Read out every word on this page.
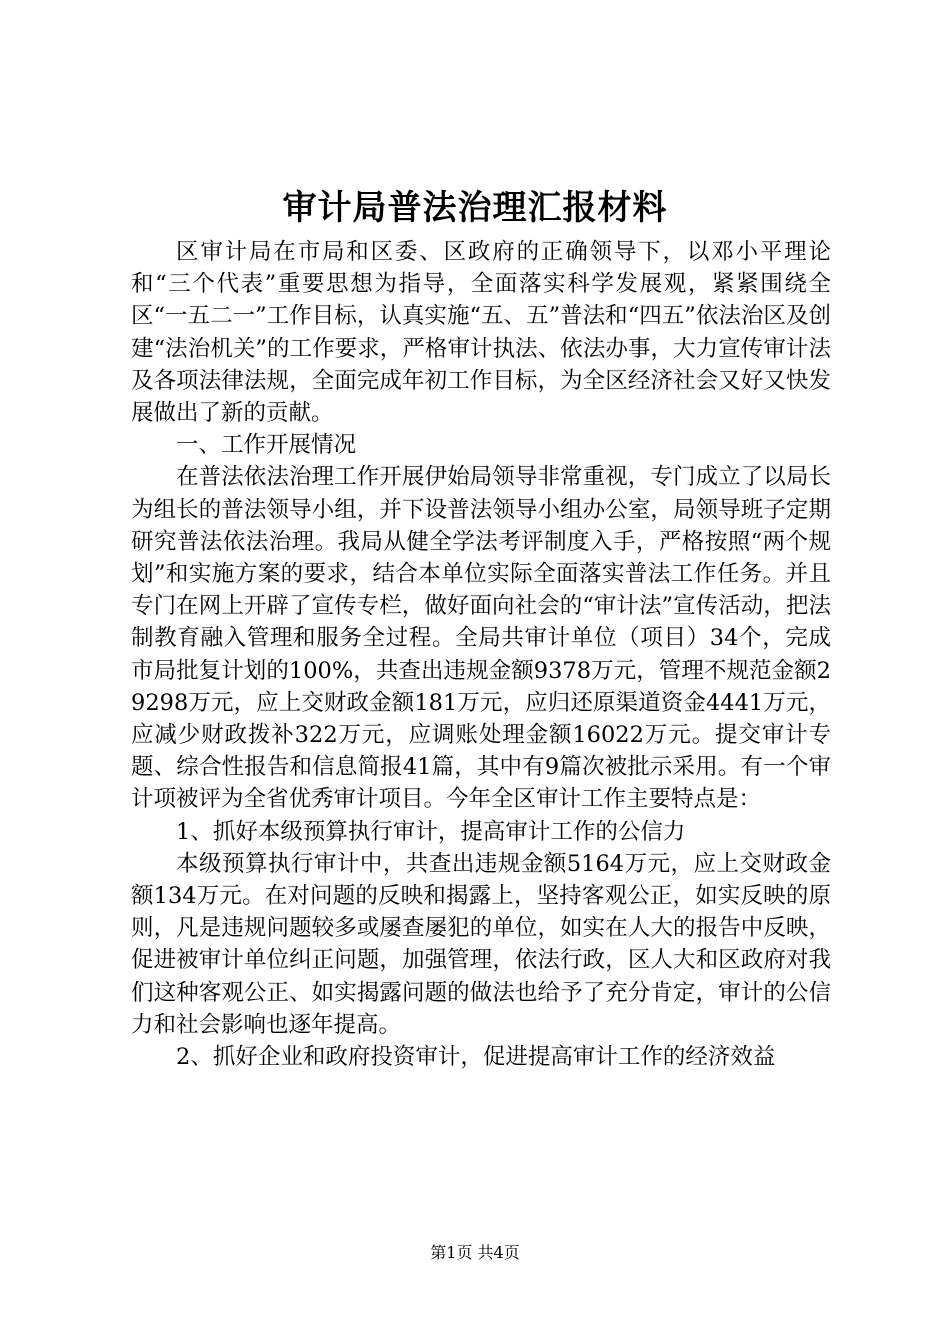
审计局普法治理汇报材料

区审计局在市局和区委、区政府的正确领导下，以邓小平理论和“三个代表”重要思想为指导，全面落实科学发展观，紧紧围绕全区“一五二一”工作目标，认真实施“五、五”普法和“四五”依法治区及创建“法治机关”的工作要求，严格审计执法、依法办事，大力宣传审计法及各项法律法规，全面完成年初工作目标，为全区经济社会又好又快发展做出了新的贡献。

一、工作开展情况

在普法依法治理工作开展伊始局领导非常重视，专门成立了以局长为组长的普法领导小组，并下设普法领导小组办公室，局领导班子定期研究普法依法治理。我局从健全学法考评制度入手，严格按照“两个规划”和实施方案的要求，结合本单位实际全面落实普法工作任务。并且专门在网上开辟了宣传专栏，做好面向社会的“审计法”宣传活动，把法制教育融入管理和服务全过程。全局共审计单位（项目）34个，完成市局批复计划的100%，共查出违规金额9378万元，管理不规范金额29298万元，应上交财政金额181万元，应归还原渠道资金4441万元，应减少财政拨补322万元，应调账处理金额16022万元。提交审计专题、综合性报告和信息简报41篇，其中有9篇次被批示采用。有一个审计项被评为全省优秀审计项目。今年全区审计工作主要特点是：

1、抓好本级预算执行审计，提高审计工作的公信力

本级预算执行审计中，共查出违规金额5164万元，应上交财政金额134万元。在对问题的反映和揭露上，坚持客观公正，如实反映的原则，凡是违规问题较多或屡查屡犯的单位，如实在人大的报告中反映，促进被审计单位纠正问题，加强管理，依法行政，区人大和区政府对我们这种客观公正、如实揭露问题的做法也给予了充分肯定，审计的公信力和社会影响也逐年提高。

2、抓好企业和政府投资审计，促进提高审计工作的经济效益

第1页 共4页
